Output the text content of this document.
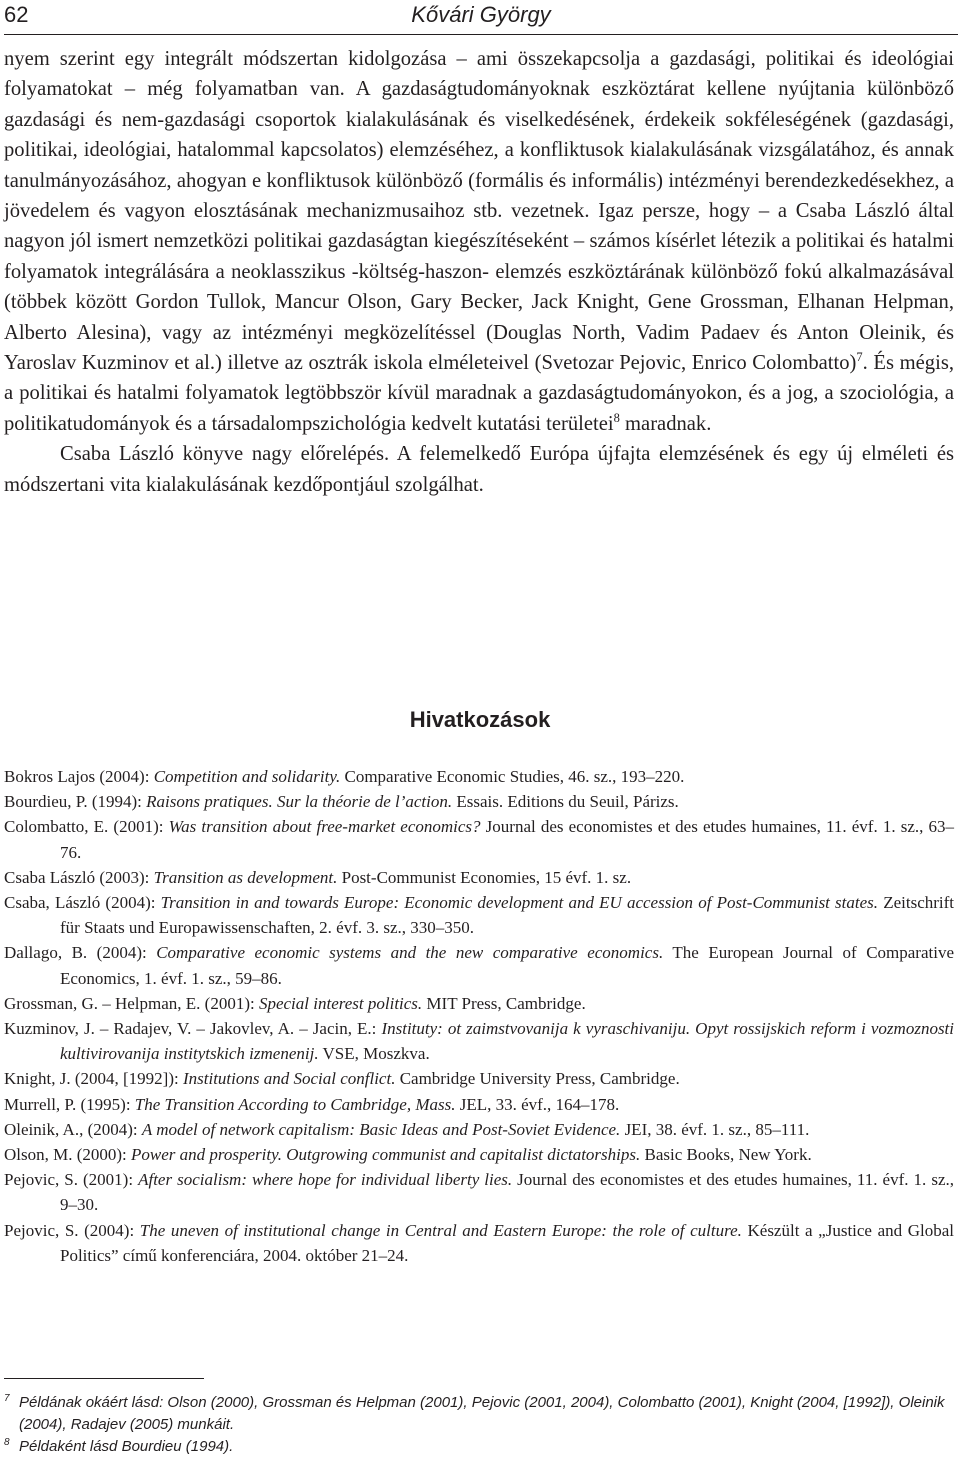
62	Kővári György

nyem szerint egy integrált módszertan kidolgozása – ami összekapcsolja a gazdasági, politikai és ideológiai folyamatokat – még folyamatban van. A gazdaságtudományoknak eszköztárat kellene nyújtania különböző gazdasági és nem-gazdasági csoportok kialakulásának és viselkedésének, érdekeik sokféleségének (gazdasági, politikai, ideológiai, hatalommal kapcsolatos) elemzéséhez, a konfliktusok kialakulásának vizsgálatához, és annak tanulmányozásához, ahogyan e konfliktusok különböző (formális és informális) intézményi berendezkedésekhez, a jövedelem és vagyon elosztásának mechanizmusaihoz stb. vezetnek. Igaz persze, hogy – a Csaba László által nagyon jól ismert nemzetközi politikai gazdaságtan kiegészítéseként – számos kísérlet létezik a politikai és hatalmi folyamatok integrálására a neoklasszikus -költség-haszon- elemzés eszköztárának különböző fokú alkalmazásával (többek között Gordon Tullok, Mancur Olson, Gary Becker, Jack Knight, Gene Grossman, Elhanan Helpman, Alberto Alesina), vagy az intézményi megközelítéssel (Douglas North, Vadim Padaev és Anton Oleinik, és Yaroslav Kuzminov et al.) illetve az osztrák iskola elméleteivel (Svetozar Pejovic, Enrico Colombatto)$^7$. És mégis, a politikai és hatalmi folyamatok legtöbbször kívül maradnak a gazdaságtudományokon, és a jog, a szociológia, a politikatudományok és a társadalompszichológia kedvelt kutatási területei$^8$ maradnak.

Csaba László könyve nagy előrelépés. A felemelkedő Európa újfajta elemzésének és egy új elméleti és módszertani vita kialakulásának kezdőpontjául szolgálhat.

Hivatkozások

Bokros Lajos (2004): Competition and solidarity. Comparative Economic Studies, 46. sz., 193–220.

Bourdieu, P. (1994): Raisons pratiques. Sur la théorie de l’action. Essais. Editions du Seuil, Párizs.

Colombatto, E. (2001): Was transition about free-market economics? Journal des economistes et des etudes humaines, 11. évf. 1. sz., 63–76.

Csaba László (2003): Transition as development. Post-Communist Economies, 15 évf. 1. sz.

Csaba, László (2004): Transition in and towards Europe: Economic development and EU accession of Post-Communist states. Zeitschrift für Staats und Europawissenschaften, 2. évf. 3. sz., 330–350.

Dallago, B. (2004): Comparative economic systems and the new comparative economics. The European Journal of Comparative Economics, 1. évf. 1. sz., 59–86.

Grossman, G. – Helpman, E. (2001): Special interest politics. MIT Press, Cambridge.

Kuzminov, J. – Radajev, V. – Jakovlev, A. – Jacin, E.: Instituty: ot zaimstvovanija k vyraschivaniju. Opyt rossijskich reform i vozmoznosti kultivirovanija institytskich izmenenij. VSE, Moszkva.

Knight, J. (2004, [1992]): Institutions and Social conflict. Cambridge University Press, Cambridge.

Murrell, P. (1995): The Transition According to Cambridge, Mass. JEL, 33. évf., 164–178.

Oleinik, A., (2004): A model of network capitalism: Basic Ideas and Post-Soviet Evidence. JEI, 38. évf. 1. sz., 85–111.

Olson, M. (2000): Power and prosperity. Outgrowing communist and capitalist dictatorships. Basic Books, New York.

Pejovic, S. (2001): After socialism: where hope for individual liberty lies. Journal des economistes et des etudes humaines, 11. évf. 1. sz., 9–30.

Pejovic, S. (2004): The uneven of institutional change in Central and Eastern Europe: the role of culture. Készült a „Justice and Global Politics” című konferenciára, 2004. október 21–24.

7 Példának okáért lásd: Olson (2000), Grossman és Helpman (2001), Pejovic (2001, 2004), Colombatto (2001), Knight (2004, [1992]), Oleinik (2004), Radajev (2005) munkáit.

8 Példaként lásd Bourdieu (1994).
